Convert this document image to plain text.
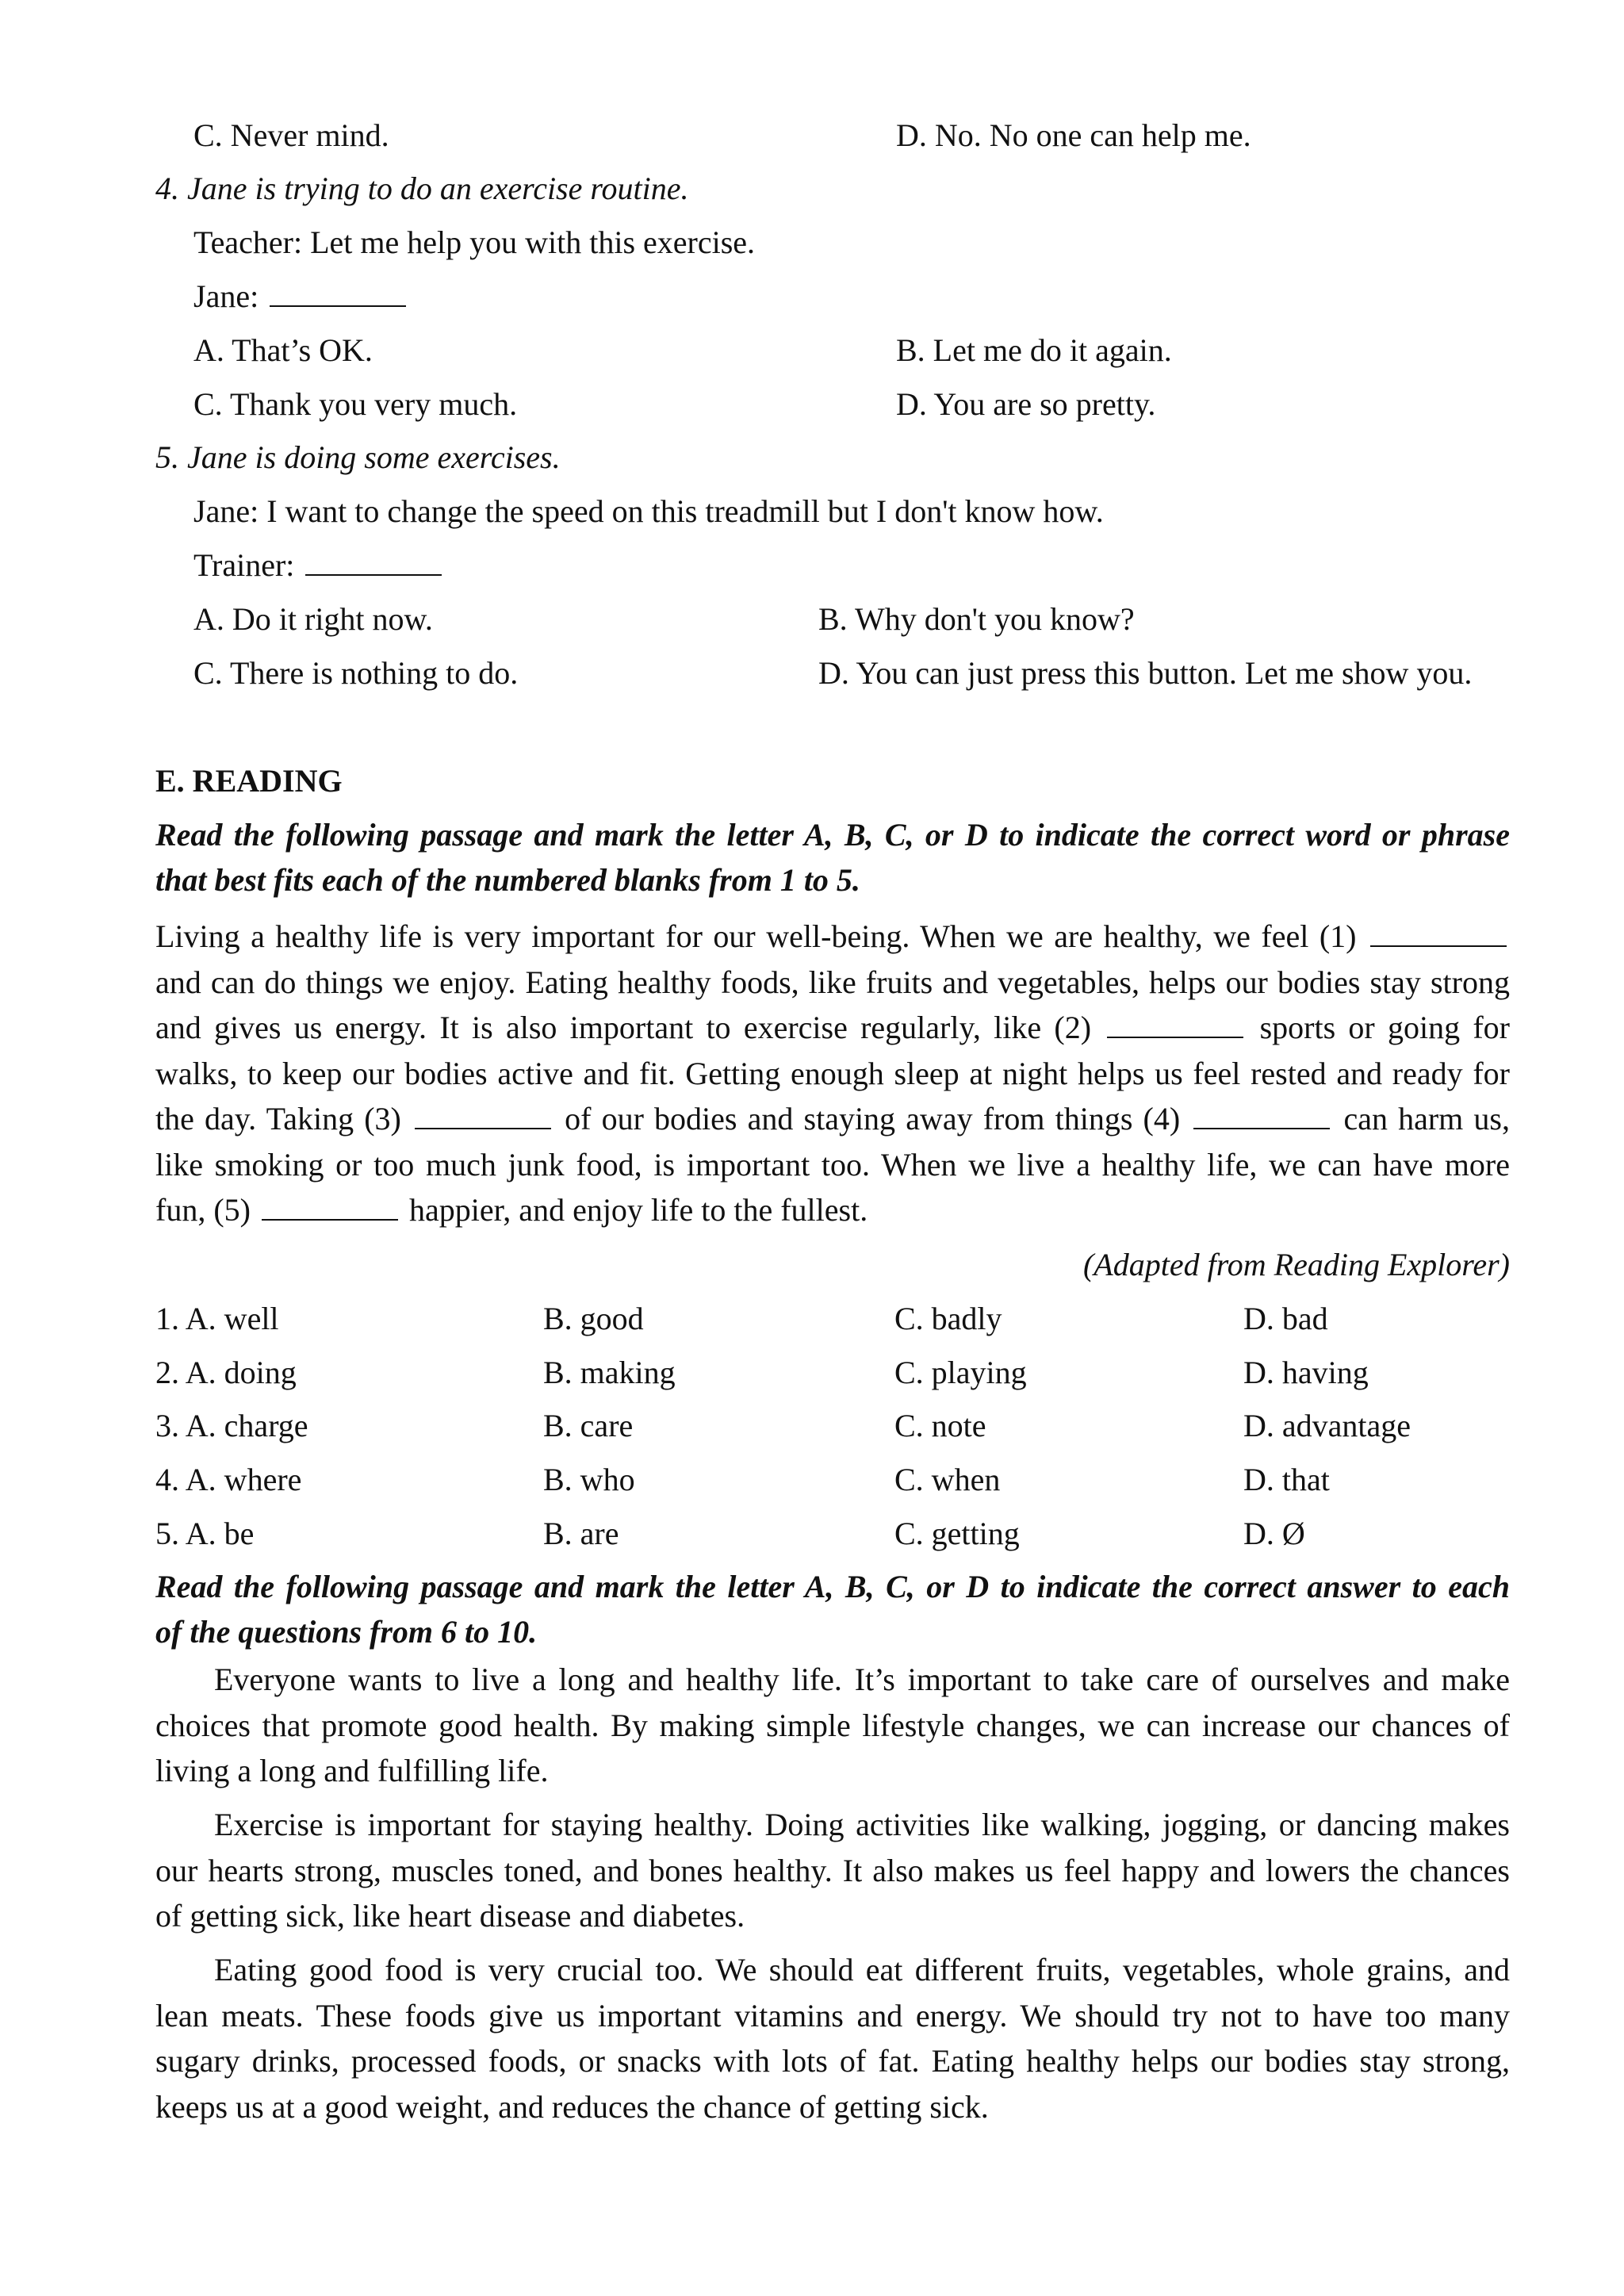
C. Never mind.	D. No. No one can help me.
4. Jane is trying to do an exercise routine.
Teacher: Let me help you with this exercise.
Jane:
A. That’s OK.	B. Let me do it again.
C. Thank you very much.	D. You are so pretty.
5. Jane is doing some exercises.
Jane: I want to change the speed on this treadmill but I don't know how.
Trainer:
A. Do it right now.	B. Why don't you know?
C. There is nothing to do.	D. You can just press this button. Let me show you.
E. READING
Read the following passage and mark the letter A, B, C, or D to indicate the correct word or phrase
that best fits each of the numbered blanks from 1 to 5.
Living a healthy life is very important for our well-being. When we are healthy, we feel (1)
and can do things we enjoy. Eating healthy foods, like fruits and vegetables, helps our bodies stay strong
and gives us energy. It is also important to exercise regularly, like (2)	sports or going for
walks, to keep our bodies active and fit. Getting enough sleep at night helps us feel rested and ready for
the day. Taking (3)	of our bodies and staying away from things (4)	can harm us,
like smoking or too much junk food, is important too. When we live a healthy life, we can have more
fun, (5)	happier, and enjoy life to the fullest.
(Adapted from Reading Explorer)
1. A. well	B. good	C. badly	D. bad
2. A. doing	B. making	C. playing	D. having
3. A. charge	B. care	C. note	D. advantage
4. A. where	B. who	C. when	D. that
5. A. be	B. are	C. getting	D. Ø
Read the following passage and mark the letter A, B, C, or D to indicate the correct answer to each
of the questions from 6 to 10.
Everyone wants to live a long and healthy life. It’s important to take care of ourselves and make
choices that promote good health. By making simple lifestyle changes, we can increase our chances of
living a long and fulfilling life.
Exercise is important for staying healthy. Doing activities like walking, jogging, or dancing makes
our hearts strong, muscles toned, and bones healthy. It also makes us feel happy and lowers the chances
of getting sick, like heart disease and diabetes.
Eating good food is very crucial too. We should eat different fruits, vegetables, whole grains, and
lean meats. These foods give us important vitamins and energy. We should try not to have too many
sugary drinks, processed foods, or snacks with lots of fat. Eating healthy helps our bodies stay strong,
keeps us at a good weight, and reduces the chance of getting sick.
